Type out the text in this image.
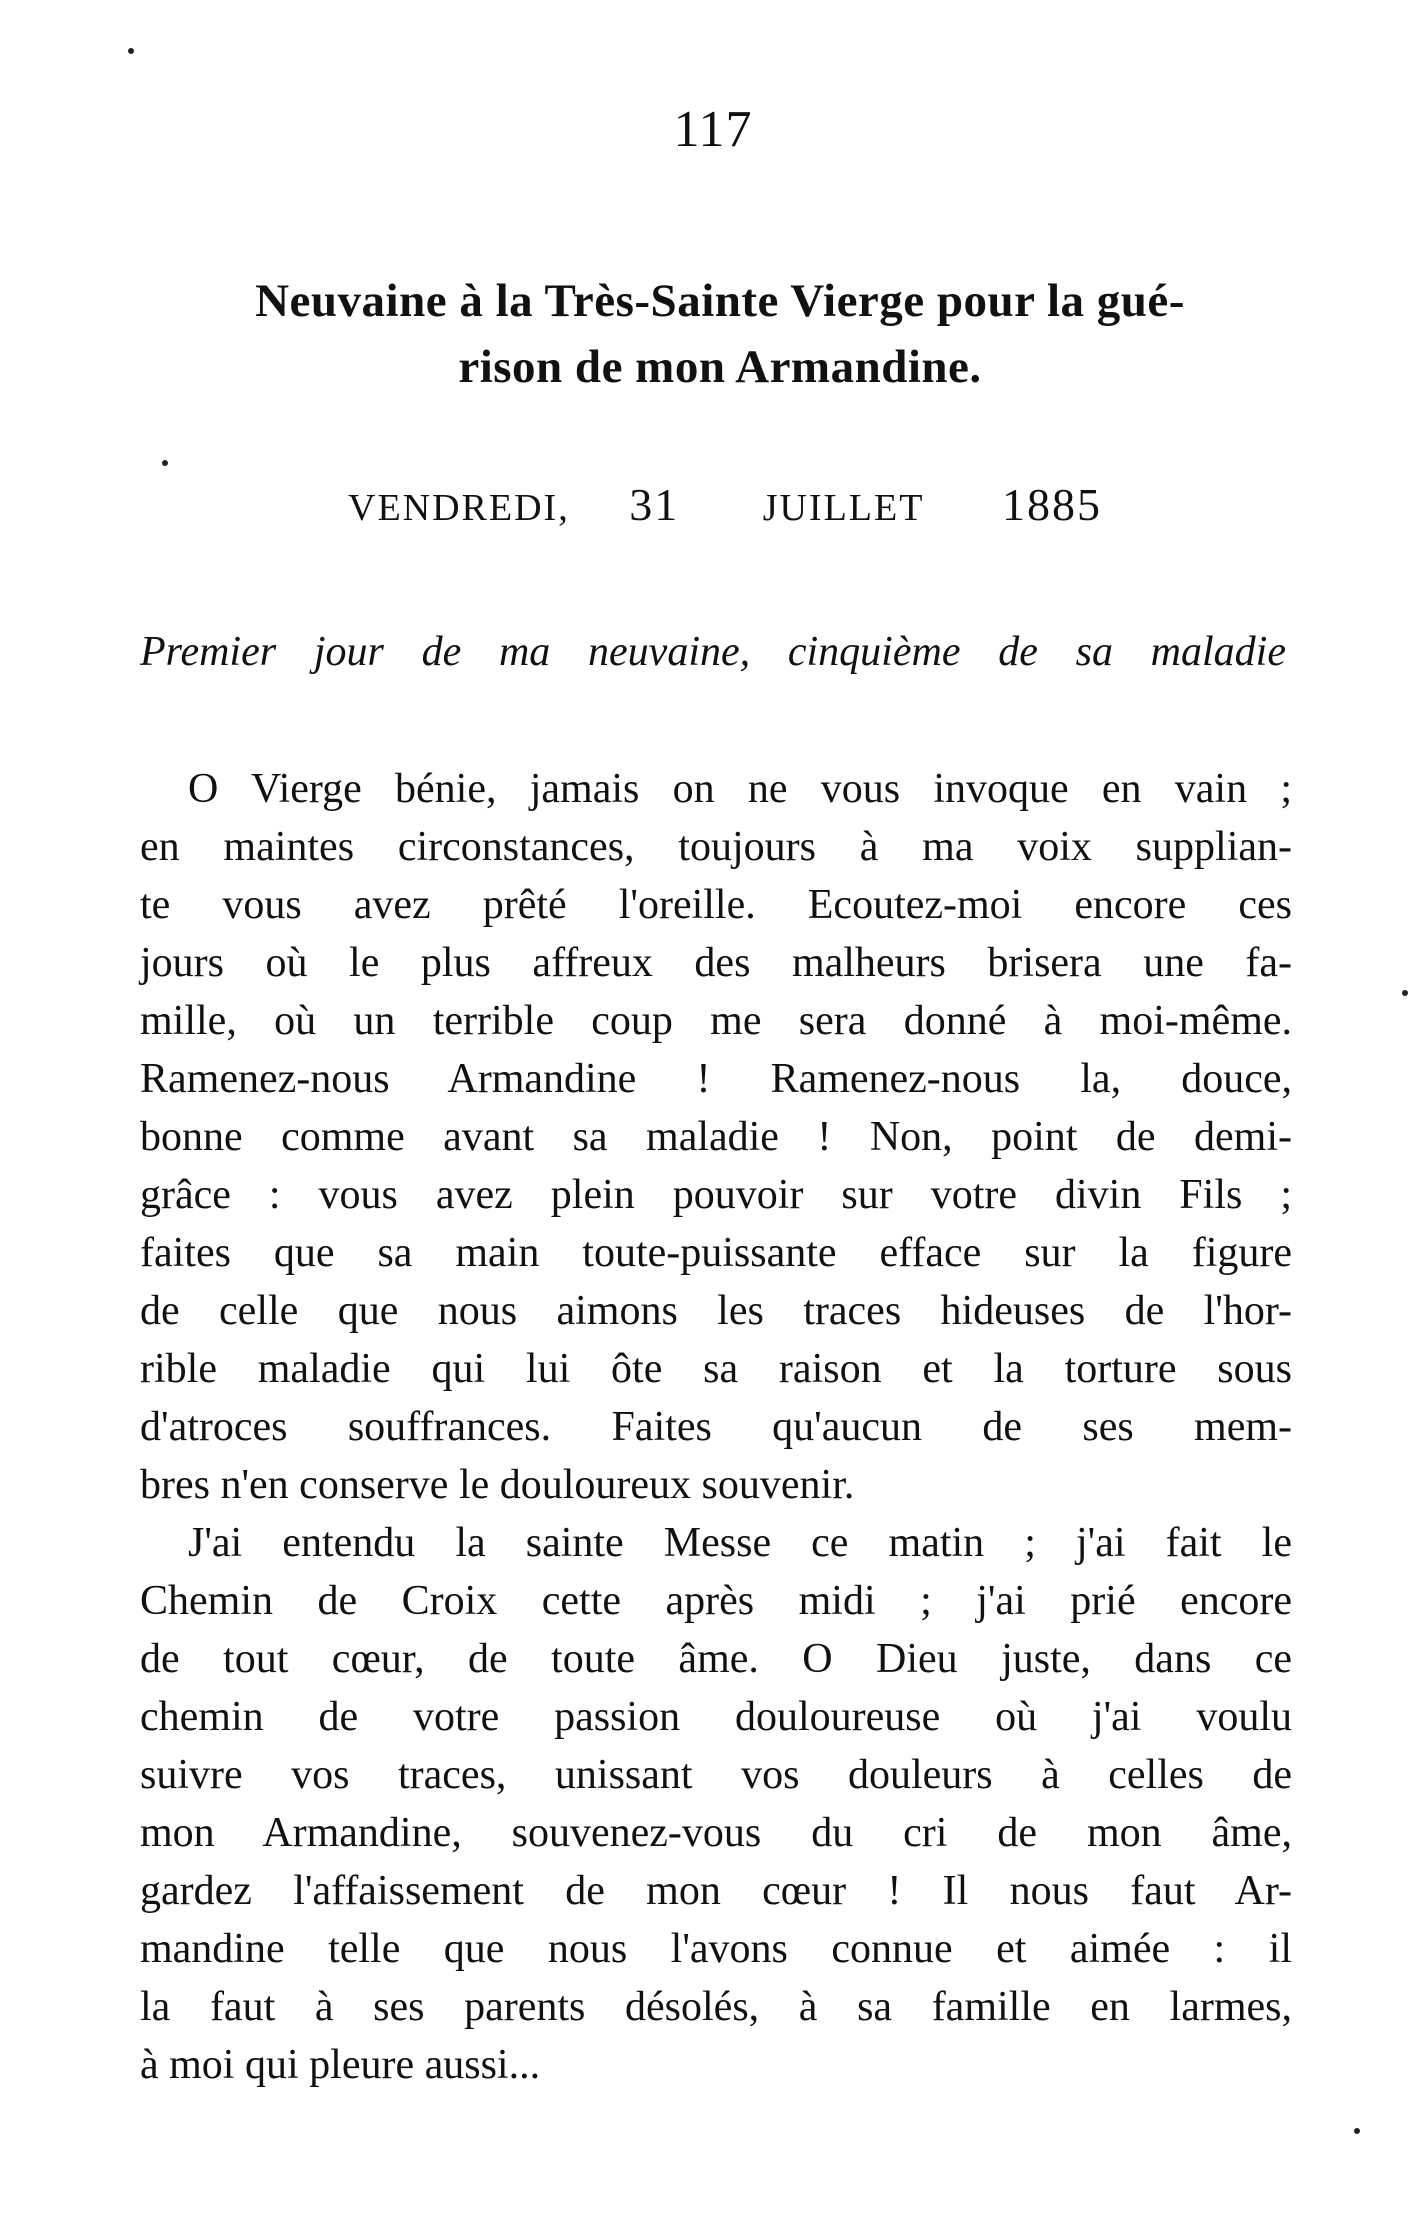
117
Neuvaine à la Très-Sainte Vierge pour la gué-
rison de mon Armandine.
VENDREDI, 31 JUILLET 1885
Premier jour de ma neuvaine, cinquième de sa maladie
O Vierge bénie, jamais on ne vous invoque en vain ;
en maintes circonstances, toujours à ma voix supplian-
te vous avez prêté l'oreille. Ecoutez-moi encore ces
jours où le plus affreux des malheurs brisera une fa-
mille, où un terrible coup me sera donné à moi-même.
Ramenez-nous Armandine ! Ramenez-nous la, douce,
bonne comme avant sa maladie ! Non, point de demi-
grâce : vous avez plein pouvoir sur votre divin Fils ;
faites que sa main toute-puissante efface sur la figure
de celle que nous aimons les traces hideuses de l'hor-
rible maladie qui lui ôte sa raison et la torture sous
d'atroces souffrances. Faites qu'aucun de ses mem-
bres n'en conserve le douloureux souvenir.
J'ai entendu la sainte Messe ce matin ; j'ai fait le
Chemin de Croix cette après midi ; j'ai prié encore
de tout cœur, de toute âme. O Dieu juste, dans ce
chemin de votre passion douloureuse où j'ai voulu
suivre vos traces, unissant vos douleurs à celles de
mon Armandine, souvenez-vous du cri de mon âme,
gardez l'affaissement de mon cœur ! Il nous faut Ar-
mandine telle que nous l'avons connue et aimée : il
la faut à ses parents désolés, à sa famille en larmes,
à moi qui pleure aussi...
